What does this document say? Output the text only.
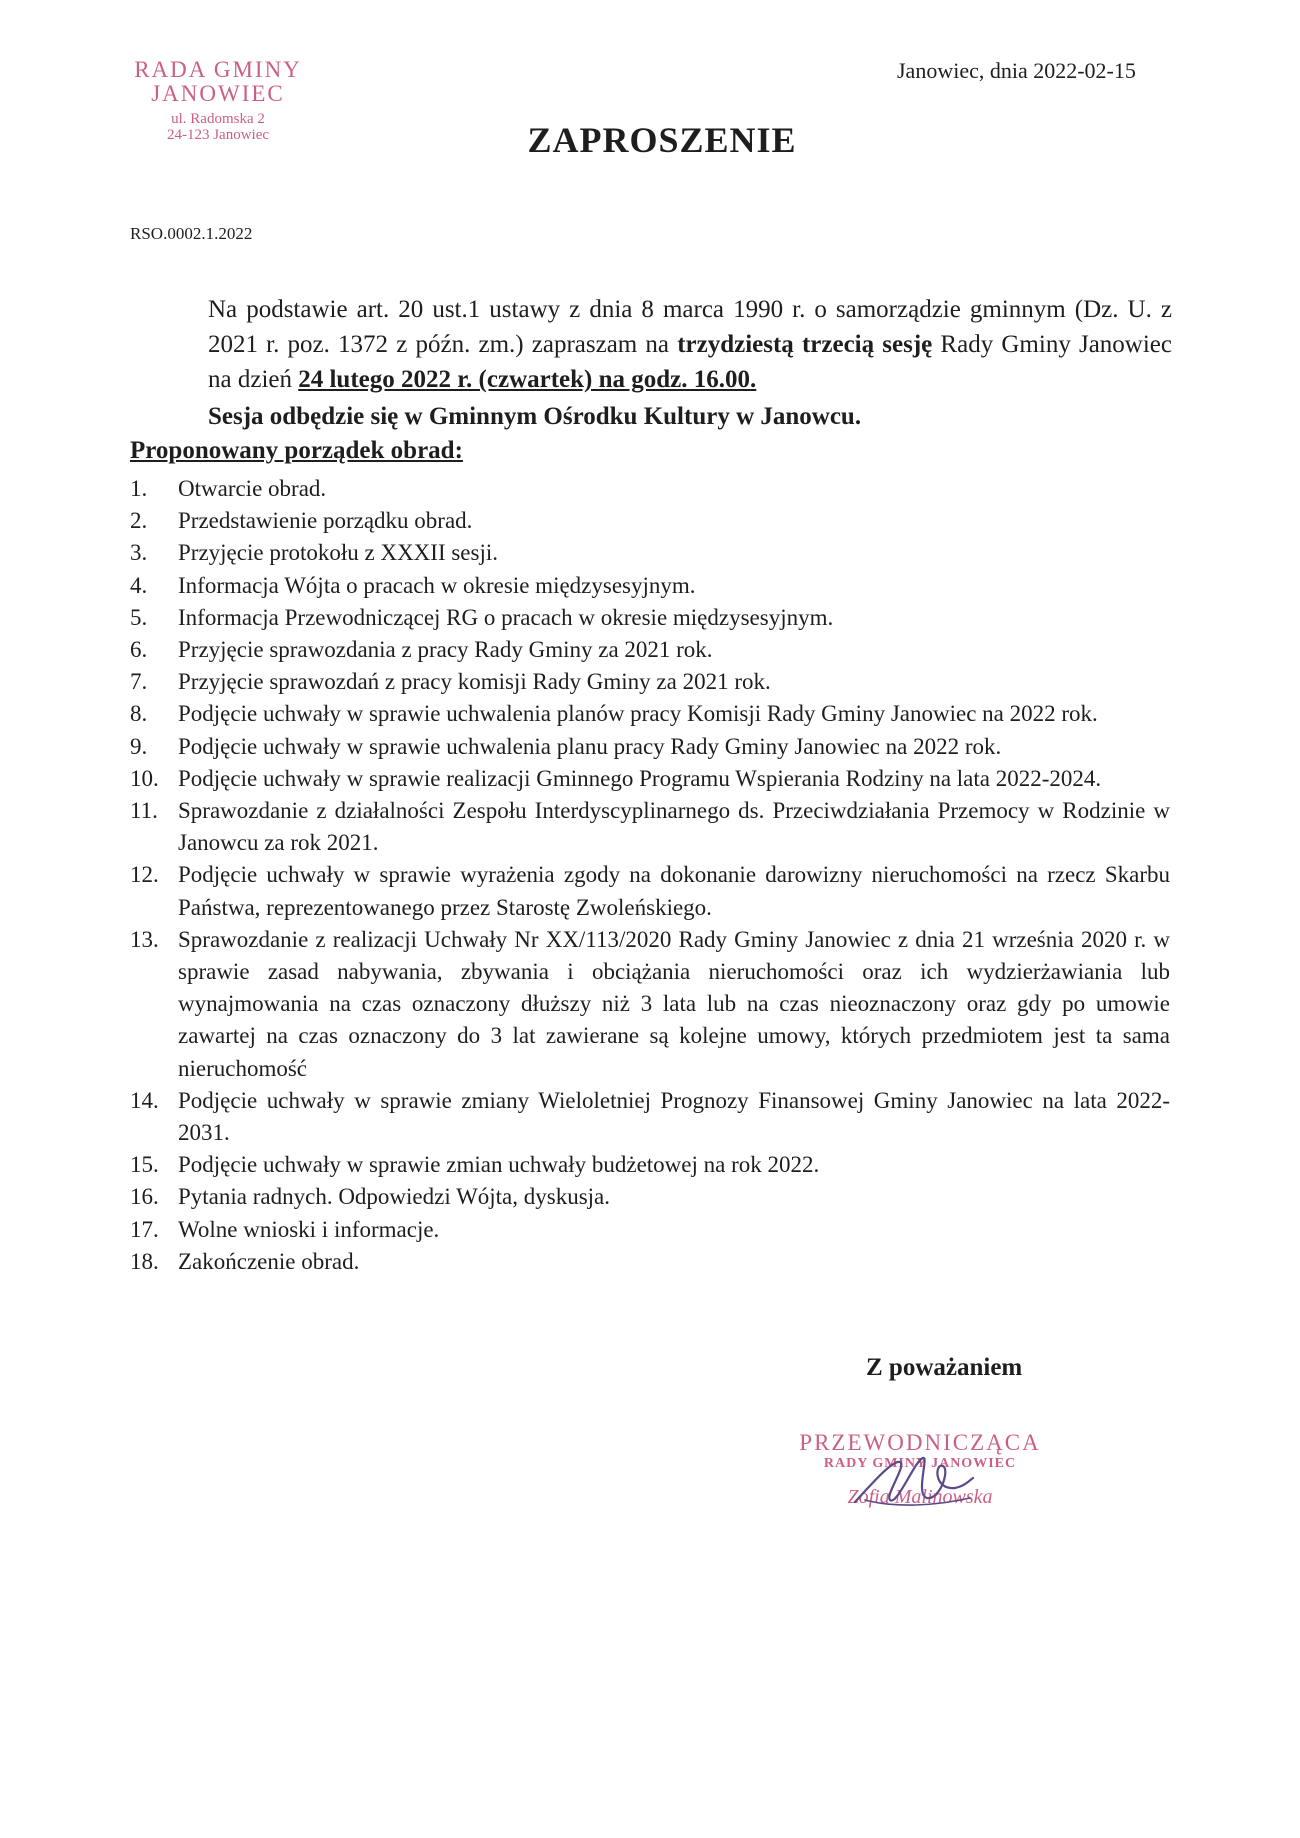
RADA GMINY
JANOWIEC
ul. Radomska 2
24-123 Janowiec
Janowiec, dnia 2022-02-15
ZAPROSZENIE
RSO.0002.1.2022

Na podstawie art. 20 ust.1 ustawy z dnia 8 marca 1990 r. o samorządzie gminnym (Dz. U. z 2021 r. poz. 1372 z późn. zm.) zapraszam na trzydziestą trzecią sesję Rady Gminy Janowiec na dzień 24 lutego 2022 r. (czwartek) na godz. 16.00.

Sesja odbędzie się w Gminnym Ośrodku Kultury w Janowcu.
Proponowany porządek obrad:
1. Otwarcie obrad.
2. Przedstawienie porządku obrad.
3. Przyjęcie protokołu z XXXII sesji.
4. Informacja Wójta o pracach w okresie międzysesyjnym.
5. Informacja Przewodniczącej RG o pracach w okresie międzysesyjnym.
6. Przyjęcie sprawozdania z pracy Rady Gminy za 2021 rok.
7. Przyjęcie sprawozdań z pracy komisji Rady Gminy za 2021 rok.
8. Podjęcie uchwały w sprawie uchwalenia planów pracy Komisji Rady Gminy Janowiec na 2022 rok.
9. Podjęcie uchwały w sprawie uchwalenia planu pracy Rady Gminy Janowiec na 2022 rok.
10. Podjęcie uchwały w sprawie realizacji Gminnego Programu Wspierania Rodziny na lata 2022-2024.
11. Sprawozdanie z działalności Zespołu Interdyscyplinarnego ds. Przeciwdziałania Przemocy w Rodzinie w Janowcu za rok 2021.
12. Podjęcie uchwały w sprawie wyrażenia zgody na dokonanie darowizny nieruchomości na rzecz Skarbu Państwa, reprezentowanego przez Starostę Zwoleńskiego.
13. Sprawozdanie z realizacji Uchwały Nr XX/113/2020 Rady Gminy Janowiec z dnia 21 września 2020 r. w sprawie zasad nabywania, zbywania i obciążania nieruchomości oraz ich wydzierżawiania lub wynajmowania na czas oznaczony dłuższy niż 3 lata lub na czas nieoznaczony oraz gdy po umowie zawartej na czas oznaczony do 3 lat zawierane są kolejne umowy, których przedmiotem jest ta sama nieruchomość
14. Podjęcie uchwały w sprawie zmiany Wieloletniej Prognozy Finansowej Gminy Janowiec na lata 2022-2031.
15. Podjęcie uchwały w sprawie zmian uchwały budżetowej na rok 2022.
16. Pytania radnych. Odpowiedzi Wójta, dyskusja.
17. Wolne wnioski i informacje.
18. Zakończenie obrad.
Z poważaniem
PRZEWODNICZĄCA
RADY GMINY JANOWIEC
Zofia Malinowska
